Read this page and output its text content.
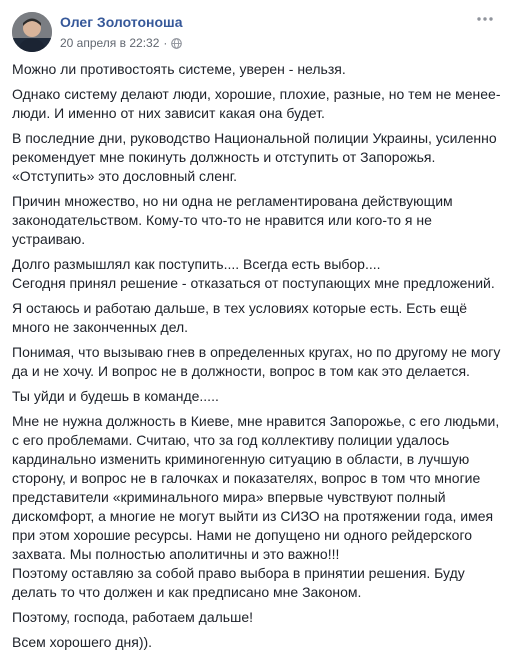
Олег Золотоноша
20 апреля в 22:32 ·

Можно ли противостоять системе, уверен - нельзя.

Однако систему делают люди, хорошие, плохие, разные, но тем не менее-
люди. И именно от них зависит какая она будет.

В последние дни, руководство Национальной полиции Украины, усиленно
рекомендует мне покинуть должность и отступить от Запорожья.
«Отступить» это дословный сленг.

Причин множество, но ни одна не регламентирована действующим
законодательством. Кому-то что-то не нравится или кого-то я не
устраиваю.

Долго размышлял как поступить.... Всегда есть выбор....
Сегодня принял решение - отказаться от поступающих мне предложений.

Я остаюсь и работаю дальше, в тех условиях которые есть. Есть ещё
много не законченных дел.

Понимая, что вызываю гнев в определенных кругах, но по другому не могу
да и не хочу. И вопрос не в должности, вопрос в том как это делается.

Ты уйди и будешь в команде.....

Мне не нужна должность в Киеве, мне нравится Запорожье, с его людьми,
с его проблемами. Считаю, что за год коллективу полиции удалось
кардинально изменить криминогенную ситуацию в области, в лучшую
сторону, и вопрос не в галочках и показателях, вопрос в том что многие
представители «криминального мира» впервые чувствуют полный
дискомфорт, а многие не могут выйти из СИЗО на протяжении года, имея
при этом хорошие ресурсы. Нами не допущено ни одного рейдерского
захвата. Мы полностью аполитичны и это важно!!!
Поэтому оставляю за собой право выбора в принятии решения. Буду
делать то что должен и как предписано мне Законом.

Поэтому, господа, работаем дальше!

Всем хорошего дня)).
